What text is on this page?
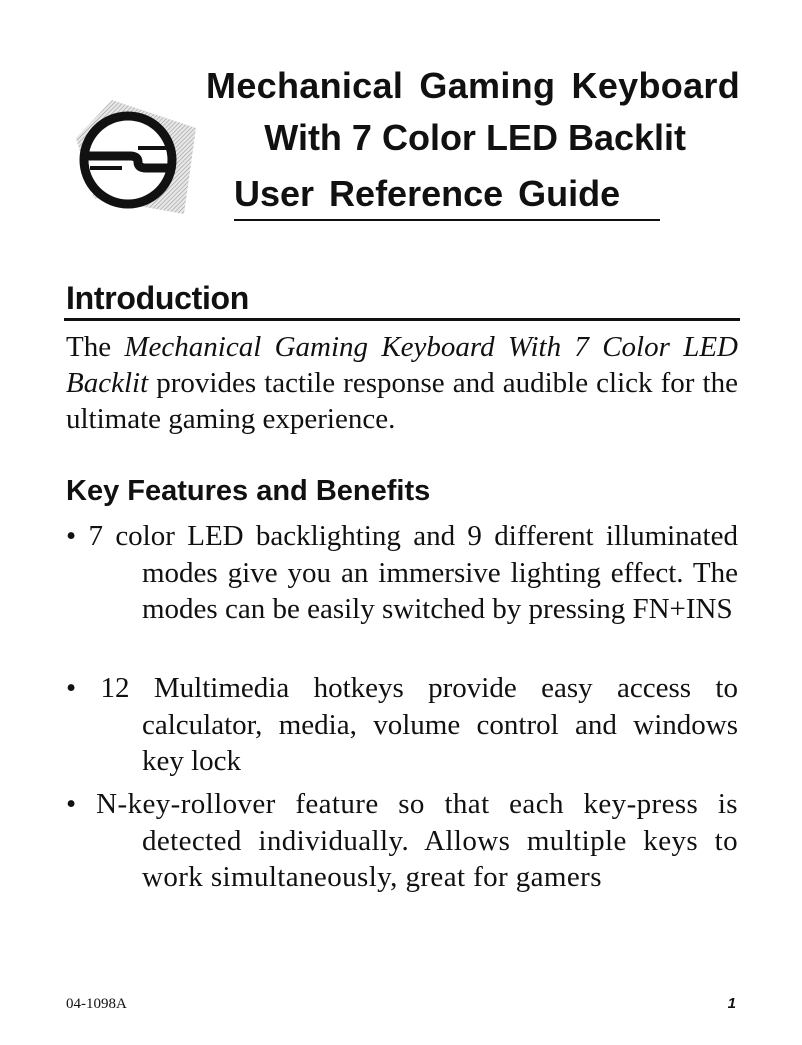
Mechanical Gaming Keyboard
With 7 Color LED Backlit
User Reference Guide
Introduction

The Mechanical Gaming Keyboard With 7 Color LED Backlit provides tactile response and audible click for the ultimate gaming experience.

Key Features and Benefits

• 7 color LED backlighting and 9 different illuminated modes give you an immersive lighting effect. The modes can be easily switched by pressing FN+INS

• 12 Multimedia hotkeys provide easy access to calculator, media, volume control and windows key lock

• N-key-rollover feature so that each key-press is detected individually. Allows multiple keys to work simultaneously, great for gamers

04-1098A	1
